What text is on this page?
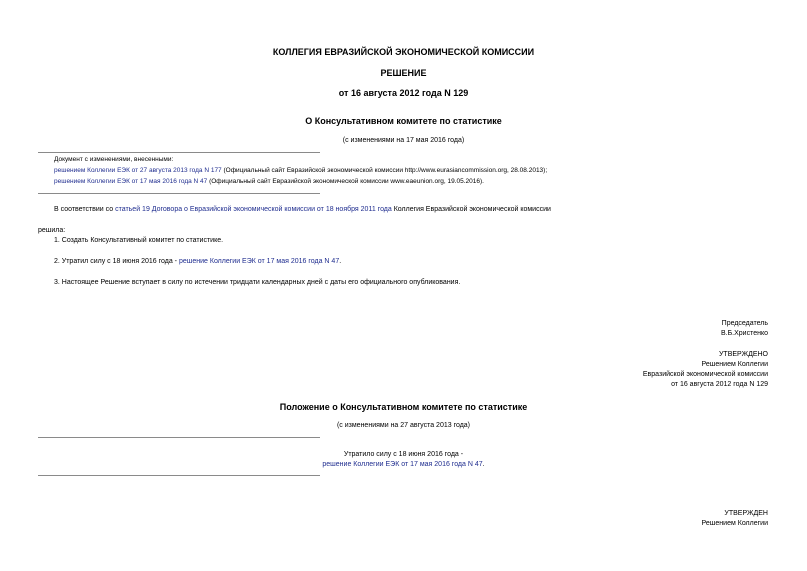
КОЛЛЕГИЯ ЕВРАЗИЙСКОЙ ЭКОНОМИЧЕСКОЙ КОМИССИИ
РЕШЕНИЕ
от 16 августа 2012 года N 129
О Консультативном комитете по статистике
(с изменениями на 17 мая 2016 года)
Документ с изменениями, внесенными:
решением Коллегии ЕЭК от 27 августа 2013 года N 177 (Официальный сайт Евразийской экономической комиссии http://www.eurasiancommission.org, 28.08.2013);
решением Коллегии ЕЭК от 17 мая 2016 года N 47 (Официальный сайт Евразийской экономической комиссии www.eaeunion.org, 19.05.2016).
В соответствии со статьей 19 Договора о Евразийской экономической комиссии от 18 ноября 2011 года Коллегия Евразийской экономической комиссии
решила:
1. Создать Консультативный комитет по статистике.
2. Утратил силу с 18 июня 2016 года - решение Коллегии ЕЭК от 17 мая 2016 года N 47.
3. Настоящее Решение вступает в силу по истечении тридцати календарных дней с даты его официального опубликования.
Председатель
В.Б.Христенко
УТВЕРЖДЕНО
Решением Коллегии
Евразийской экономической комиссии
от 16 августа 2012 года N 129
Положение о Консультативном комитете по статистике
(с изменениями на 27 августа 2013 года)
Утратило силу с 18 июня 2016 года -
решение Коллегии ЕЭК от 17 мая 2016 года N 47.
УТВЕРЖДЕН
Решением Коллегии
